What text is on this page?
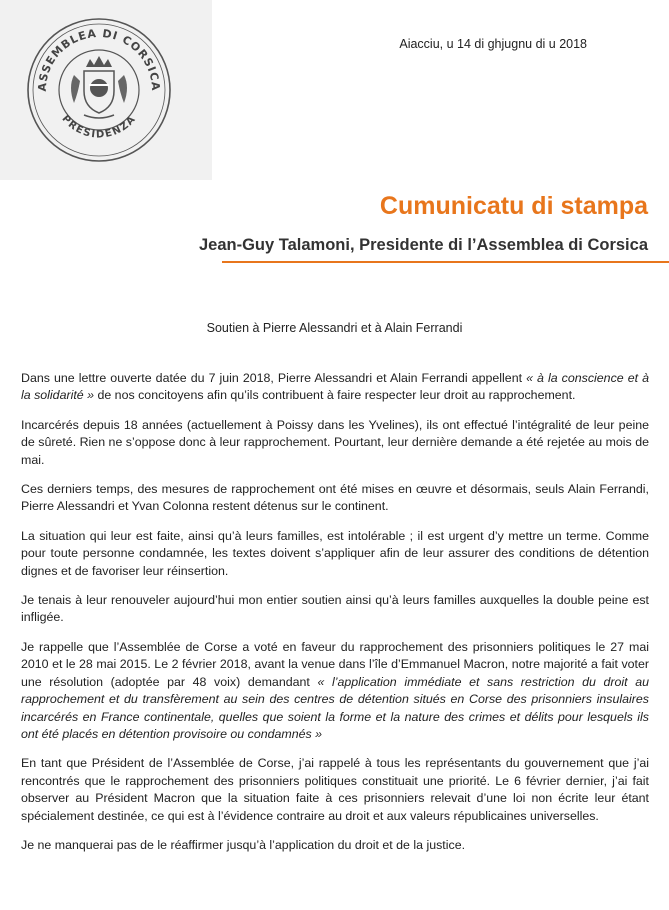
ASSEMBLEA DI CORSICA
PRESIDENZA
Aiacciu, u 14 di ghjugnu di u 2018
Cumunicatu di stampa
Jean-Guy Talamoni, Presidente di l’Assemblea di Corsica
Soutien à Pierre Alessandri et à Alain Ferrandi

Dans une lettre ouverte datée du 7 juin 2018, Pierre Alessandri et Alain Ferrandi appellent « à la conscience et à la solidarité » de nos concitoyens afin qu’ils contribuent à faire respecter leur droit au rapprochement.

Incarcérés depuis 18 années (actuellement à Poissy dans les Yvelines), ils ont effectué l’intégralité de leur peine de sûreté. Rien ne s’oppose donc à leur rapprochement. Pourtant, leur dernière demande a été rejetée au mois de mai.

Ces derniers temps, des mesures de rapprochement ont été mises en œuvre et désormais, seuls Alain Ferrandi, Pierre Alessandri et Yvan Colonna restent détenus sur le continent.

La situation qui leur est faite, ainsi qu’à leurs familles, est intolérable ; il est urgent d’y mettre un terme. Comme pour toute personne condamnée, les textes doivent s’appliquer afin de leur assurer des conditions de détention dignes et de favoriser leur réinsertion.

Je tenais à leur renouveler aujourd’hui mon entier soutien ainsi qu’à leurs familles auxquelles la double peine est infligée.

Je rappelle que l’Assemblée de Corse a voté en faveur du rapprochement des prisonniers politiques le 27 mai 2010 et le 28 mai 2015. Le 2 février 2018, avant la venue dans l’île d’Emmanuel Macron, notre majorité a fait voter une résolution (adoptée par 48 voix) demandant « l’application immédiate et sans restriction du droit au rapprochement et du transfèrement au sein des centres de détention situés en Corse des prisonniers insulaires incarcérés en France continentale, quelles que soient la forme et la nature des crimes et délits pour lesquels ils ont été placés en détention provisoire ou condamnés »

En tant que Président de l’Assemblée de Corse, j’ai rappelé à tous les représentants du gouvernement que j’ai rencontrés que le rapprochement des prisonniers politiques constituait une priorité. Le 6 février dernier, j’ai fait observer au Président Macron que la situation faite à ces prisonniers relevait d’une loi non écrite leur étant spécialement destinée, ce qui est à l’évidence contraire au droit et aux valeurs républicaines universelles.

Je ne manquerai pas de le réaffirmer jusqu’à l’application du droit et de la justice.
